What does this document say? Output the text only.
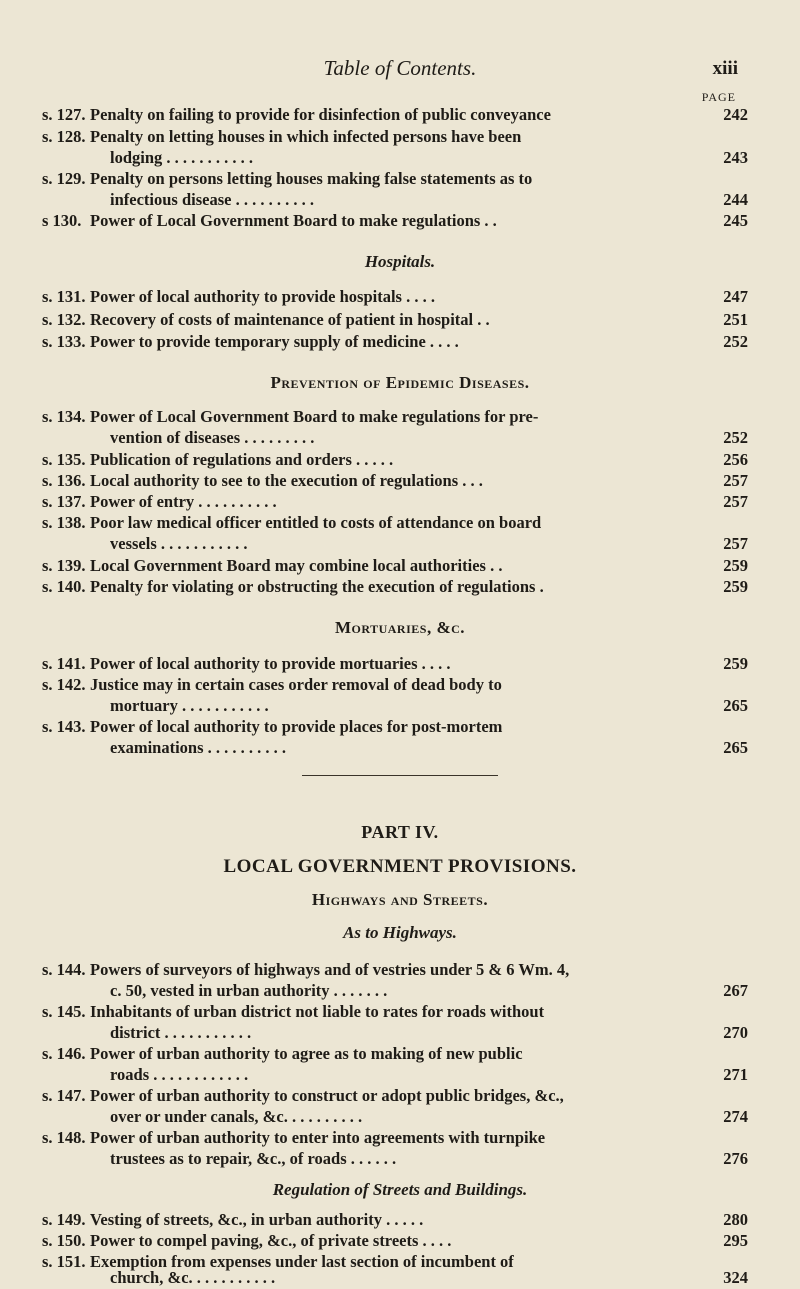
Table of Contents.	xiii
PAGE
s. 127. Penalty on failing to provide for disinfection of public conveyance	242
s. 128. Penalty on letting houses in which infected persons have been
lodging . . . . . . . . . . .	243
s. 129. Penalty on persons letting houses making false statements as to
infectious disease . . . . . . . . . .	244
s 130. Power of Local Government Board to make regulations . .	245
Hospitals.
s. 131. Power of local authority to provide hospitals . . . .	247
s. 132. Recovery of costs of maintenance of patient in hospital . .	251
s. 133. Power to provide temporary supply of medicine . . . .	252
Prevention of Epidemic Diseases.
s. 134. Power of Local Government Board to make regulations for pre-
vention of diseases . . . . . . . . .	252
s. 135. Publication of regulations and orders . . . . .	256
s. 136. Local authority to see to the execution of regulations . . .	257
s. 137. Power of entry . . . . . . . . . .	257
s. 138. Poor law medical officer entitled to costs of attendance on board
vessels . . . . . . . . . . .	257
s. 139. Local Government Board may combine local authorities . .	259
s. 140. Penalty for violating or obstructing the execution of regulations .	259
Mortuaries, &c.
s. 141. Power of local authority to provide mortuaries . . . .	259
s. 142. Justice may in certain cases order removal of dead body to
mortuary . . . . . . . . . . .	265
s. 143. Power of local authority to provide places for post-mortem
examinations . . . . . . . . . .	265
PART IV.
LOCAL GOVERNMENT PROVISIONS.
Highways and Streets.
As to Highways.
s. 144. Powers of surveyors of highways and of vestries under 5 & 6 Wm. 4,
c. 50, vested in urban authority . . . . . . .	267
s. 145. Inhabitants of urban district not liable to rates for roads without
district . . . . . . . . . . .	270
s. 146. Power of urban authority to agree as to making of new public
roads . . . . . . . . . . . .	271
s. 147. Power of urban authority to construct or adopt public bridges, &c.,
over or under canals, &c. . . . . . . . . .	274
s. 148. Power of urban authority to enter into agreements with turnpike
trustees as to repair, &c., of roads . . . . . .	276
Regulation of Streets and Buildings.
s. 149. Vesting of streets, &c., in urban authority . . . . .	280
s. 150. Power to compel paving, &c., of private streets . . . .	295
s. 151. Exemption from expenses under last section of incumbent of
church, &c. . . . . . . . . . .	324
